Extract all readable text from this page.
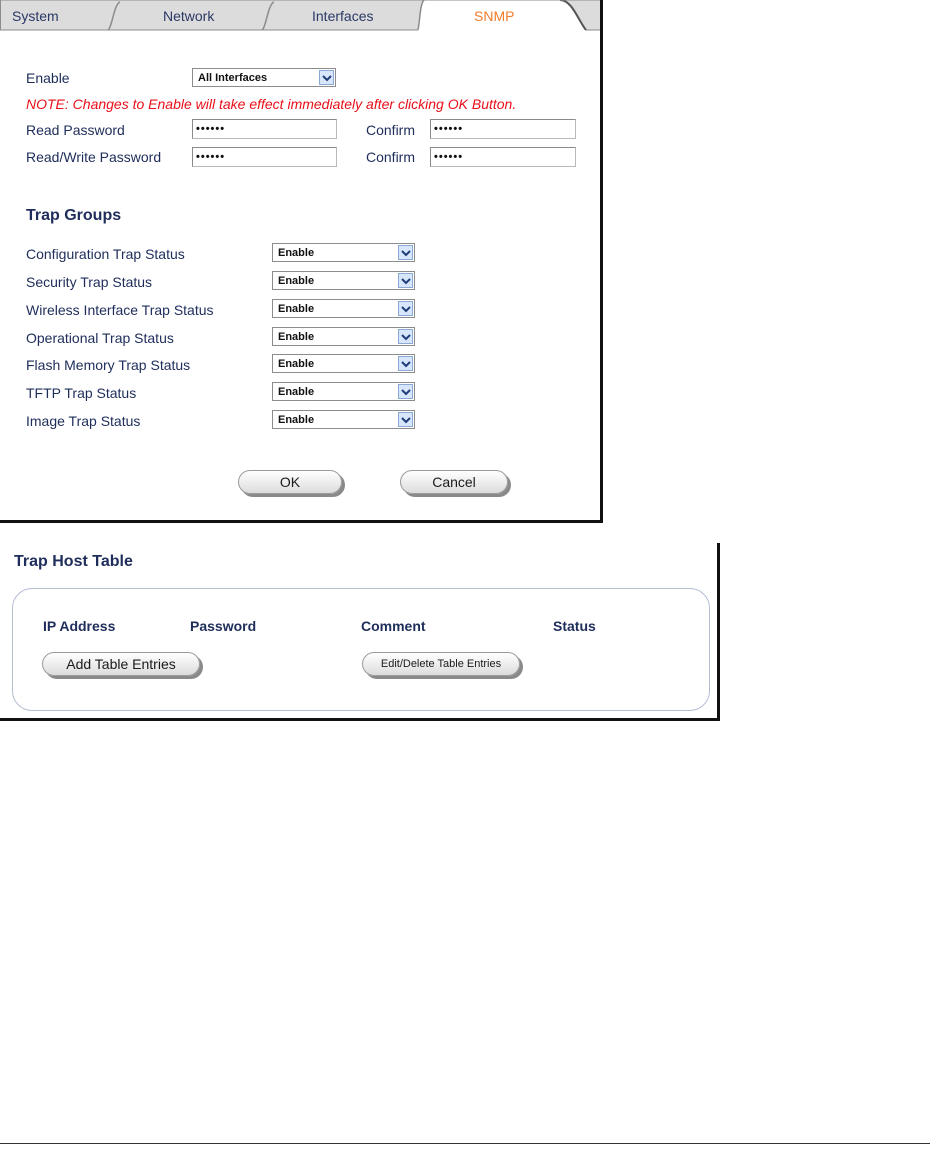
System	Network	Interfaces	SNMP
Enable	All Interfaces
NOTE: Changes to Enable will take effect immediately after clicking OK Button.
Read Password	••••••	Confirm ••••••
Read/Write Password	••••••	Confirm ••••••
Trap Groups
Configuration Trap Status	Enable
Security Trap Status	Enable
Wireless Interface Trap Status	Enable
Operational Trap Status	Enable
Flash Memory Trap Status	Enable
TFTP Trap Status	Enable
Image Trap Status	Enable
OK	Cancel
Trap Host Table
IP Address	Password	Comment	Status
Add Table Entries	Edit/Delete Table Entries
